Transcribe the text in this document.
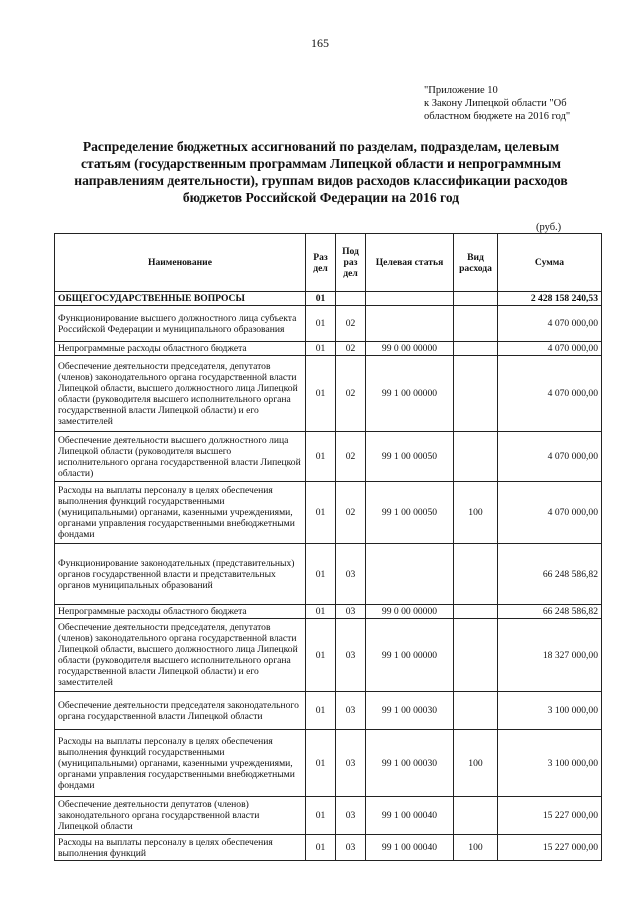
165
"Приложение 10
к Закону Липецкой области "Об
областном бюджете на 2016 год"
Распределение бюджетных ассигнований по разделам, подразделам, целевым
статьям (государственным программам Липецкой области и непрограммным
направлениям деятельности), группам видов расходов классификации расходов
бюджетов Российской Федерации на 2016 год
(руб.)
Наименование	Раз дел	Под раз дел	Целевая статья	Вид расхода	Сумма
ОБЩЕГОСУДАРСТВЕННЫЕ ВОПРОСЫ	01				2 428 158 240,53
Функционирование высшего должностного лица субъекта Российской Федерации и муниципального образования	01	02			4 070 000,00
Непрограммные расходы областного бюджета	01	02	99 0 00 00000		4 070 000,00
Обеспечение деятельности председателя, депутатов (членов) законодательного органа государственной власти Липецкой области, высшего должностного лица Липецкой области (руководителя высшего исполнительного органа государственной власти Липецкой области) и его заместителей	01	02	99 1 00 00000		4 070 000,00
Обеспечение деятельности высшего должностного лица Липецкой области (руководителя высшего исполнительного органа государственной власти Липецкой области)	01	02	99 1 00 00050		4 070 000,00
Расходы на выплаты персоналу в целях обеспечения выполнения функций государственными (муниципальными) органами, казенными учреждениями, органами управления государственными внебюджетными фондами	01	02	99 1 00 00050	100	4 070 000,00
Функционирование законодательных (представительных) органов государственной власти и представительных органов муниципальных образований	01	03			66 248 586,82
Непрограммные расходы областного бюджета	01	03	99 0 00 00000		66 248 586,82
Обеспечение деятельности председателя, депутатов (членов) законодательного органа государственной власти Липецкой области, высшего должностного лица Липецкой области (руководителя высшего исполнительного органа государственной власти Липецкой области) и его заместителей	01	03	99 1 00 00000		18 327 000,00
Обеспечение деятельности председателя законодательного органа государственной власти Липецкой области	01	03	99 1 00 00030		3 100 000,00
Расходы на выплаты персоналу в целях обеспечения выполнения функций государственными (муниципальными) органами, казенными учреждениями, органами управления государственными внебюджетными фондами	01	03	99 1 00 00030	100	3 100 000,00
Обеспечение деятельности депутатов (членов) законодательного органа государственной власти Липецкой области	01	03	99 1 00 00040		15 227 000,00
Расходы на выплаты персоналу в целях обеспечения выполнения функций	01	03	99 1 00 00040	100	15 227 000,00
